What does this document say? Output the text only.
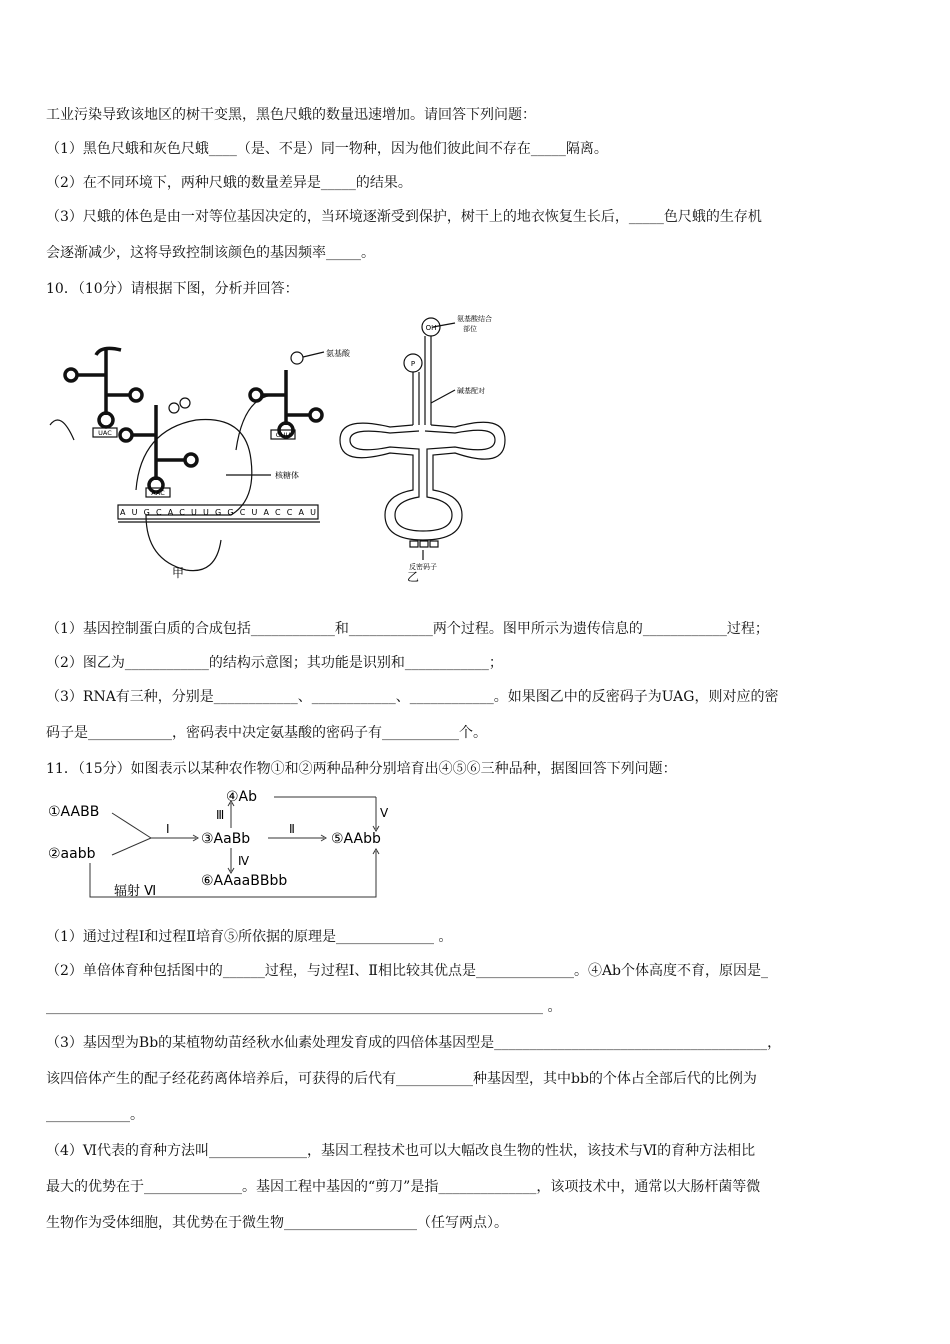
工业污染导致该地区的树干变黑，黑色尺蛾的数量迅速增加。请回答下列问题：
（1）黑色尺蛾和灰色尺蛾____（是、不是）同一物种，因为他们彼此间不存在_____隔离。
（2）在不同环境下，两种尺蛾的数量差异是_____的结果。
（3）尺蛾的体色是由一对等位基因决定的，当环境逐渐受到保护，树干上的地衣恢复生长后，_____色尺蛾的生存机
会逐渐减少，这将导致控制该颜色的基因频率_____。
10．（10分）请根据下图，分析并回答：
UAC
AAC
GUU
AUGCACUUGGCUACCAU
氨基酸
核糖体
甲
OH
P
氨基酸结合
部位
碱基配对
反密码子
乙
（1）基因控制蛋白质的合成包括____________和____________两个过程。图甲所示为遗传信息的____________过程；
（2）图乙为____________的结构示意图；其功能是识别和____________；
（3）RNA有三种，分别是____________、____________、____________。如果图乙中的反密码子为UAG，则对应的密
码子是____________，密码表中决定氨基酸的密码子有___________个。
11．（15分）如图表示以某种农作物①和②两种品种分别培育出④⑤⑥三种品种，据图回答下列问题：
①AABB
②aabb
③AaBb
④Ab
⑤AAbb
⑥AAaaBBbb
Ⅰ	Ⅱ
Ⅲ
Ⅳ
Ⅴ
辐射 Ⅵ
（1）通过过程Ⅰ和过程Ⅱ培育⑤所依据的原理是______________ 。
（2）单倍体育种包括图中的______过程，与过程Ⅰ、Ⅱ相比较其优点是______________。④Ab个体高度不育，原因是_
_______________________________________________________________________ 。
（3）基因型为Bb的某植物幼苗经秋水仙素处理发育成的四倍体基因型是_______________________________________，
该四倍体产生的配子经花药离体培养后，可获得的后代有___________种基因型，其中bb的个体占全部后代的比例为
____________。
（4）Ⅵ代表的育种方法叫______________，基因工程技术也可以大幅改良生物的性状，该技术与Ⅵ的育种方法相比
最大的优势在于______________。基因工程中基因的“剪刀”是指______________，该项技术中，通常以大肠杆菌等微
生物作为受体细胞，其优势在于微生物___________________（任写两点）。
